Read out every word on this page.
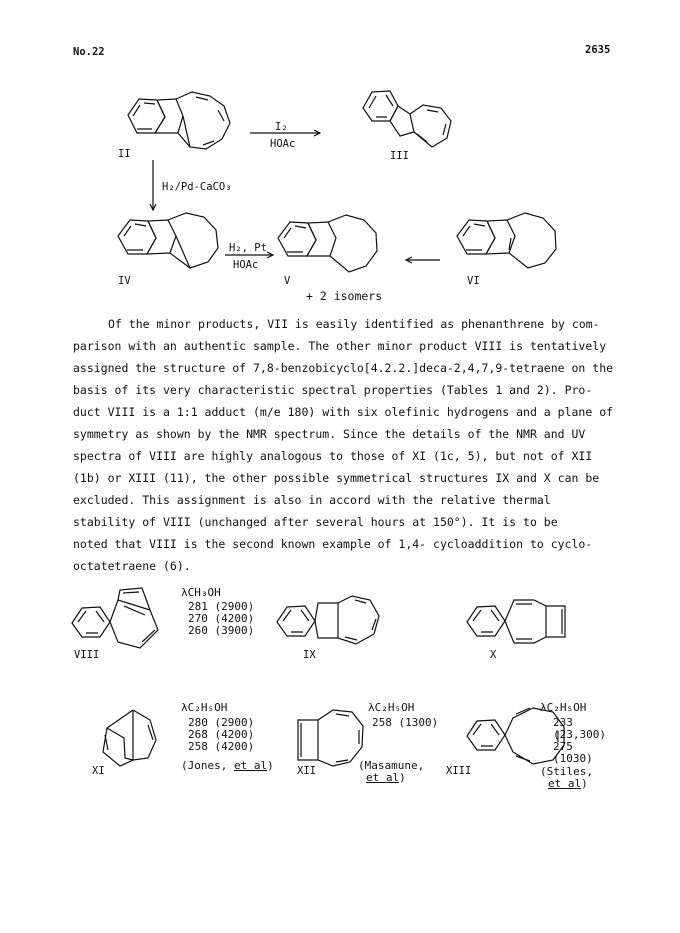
No.22	2635
II	III
IV	V	VI
I₂
HOAc
H₂/Pd-CaCO₃
H₂, Pt
HOAc
+ 2 isomers
Of the minor products, VII is easily identified as phenanthrene by com-
parison with an authentic sample. The other minor product VIII is tentatively
assigned the structure of 7,8-benzobicyclo[4.2.2.]deca-2,4,7,9-tetraene on the
basis of its very characteristic spectral properties (Tables 1 and 2). Pro-
duct VIII is a 1:1 adduct (m/e 180) with six olefinic hydrogens and a plane of
symmetry as shown by the NMR spectrum. Since the details of the NMR and UV
spectra of VIII are highly analogous to those of XI (1c, 5), but not of XII
(1b) or XIII (11), the other possible symmetrical structures IX and X can be
excluded. This assignment is also in accord with the relative thermal
stability of VIII (unchanged after several hours at 150°). It is to be
noted that VIII is the second known example of 1,4- cycloaddition to cyclo-
octatetraene (6).
λCH₃OH
281 (2900)
270 (4200)
260 (3900)
VIII	IX	X
λC₂H₅OH
280 (2900)
268 (4200)
258 (4200)
(Jones, et al)
XI
λC₂H₅OH
258 (1300)
(Masamune,
et al)
XII
λC₂H₅OH
233
(23,300)
275
(1030)
(Stiles,
et al)
XIII
